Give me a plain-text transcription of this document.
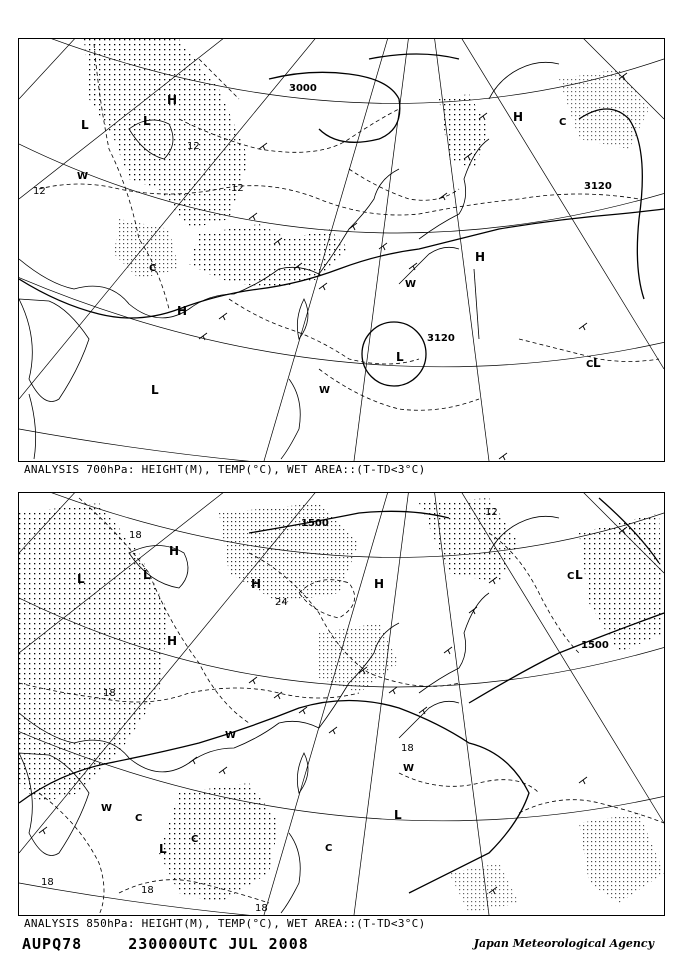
3000
3120
3120
12
12
12
L	L
L
L
H
H
H
H
L
W
W
W
C
C
C
ANALYSIS 700hPa: HEIGHT(M), TEMP(°C), WET AREA::(T-TD<3°C)
1500
1500
18
18
24
18
18
18
18
12
L	L
L
H
H
H
H
L
L
W
W
W
C
C
C
C
ANALYSIS 850hPa: HEIGHT(M), TEMP(°C), WET AREA::(T-TD<3°C)
AUPQ78	230000UTC JUL 2008	Japan Meteorological Agency
